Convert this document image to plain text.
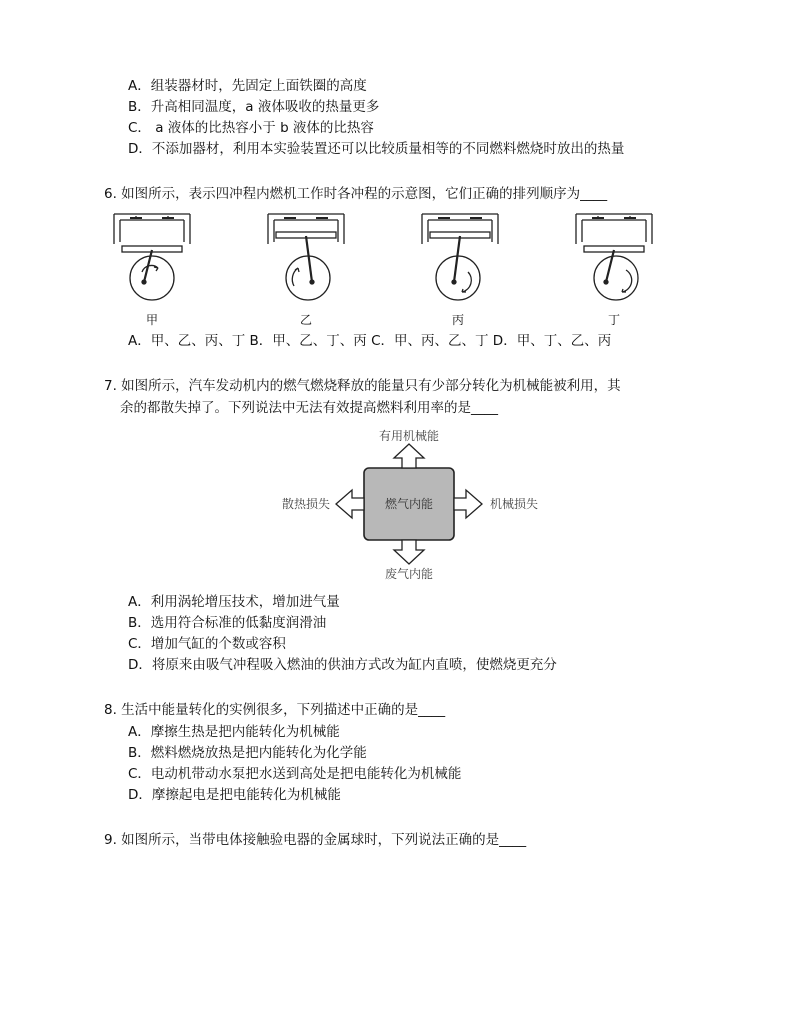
A．组装器材时，先固定上面铁圈的高度
B．升高相同温度，a 液体吸收的热量更多
C． a 液体的比热容小于 b 液体的比热容
D．不添加器材，利用本实验装置还可以比较质量相等的不同燃料燃烧时放出的热量
6. 如图所示，表示四冲程内燃机工作时各冲程的示意图，它们正确的排列顺序为____
甲	乙	丙	丁
A．甲、乙、丙、丁 B．甲、乙、丁、丙 C．甲、丙、乙、丁 D．甲、丁、乙、丙
7. 如图所示，汽车发动机内的燃气燃烧释放的能量只有少部分转化为机械能被利用，其
余的都散失掉了。下列说法中无法有效提高燃料利用率的是____
燃气内能
有用机械能
废气内能
散热损失	机械损失
A．利用涡轮增压技术，增加进气量
B．选用符合标准的低黏度润滑油
C．增加气缸的个数或容积
D．将原来由吸气冲程吸入燃油的供油方式改为缸内直喷，使燃烧更充分
8. 生活中能量转化的实例很多，下列描述中正确的是____
A．摩擦生热是把内能转化为机械能
B．燃料燃烧放热是把内能转化为化学能
C．电动机带动水泵把水送到高处是把电能转化为机械能
D．摩擦起电是把电能转化为机械能
9. 如图所示，当带电体接触验电器的金属球时，下列说法正确的是____
